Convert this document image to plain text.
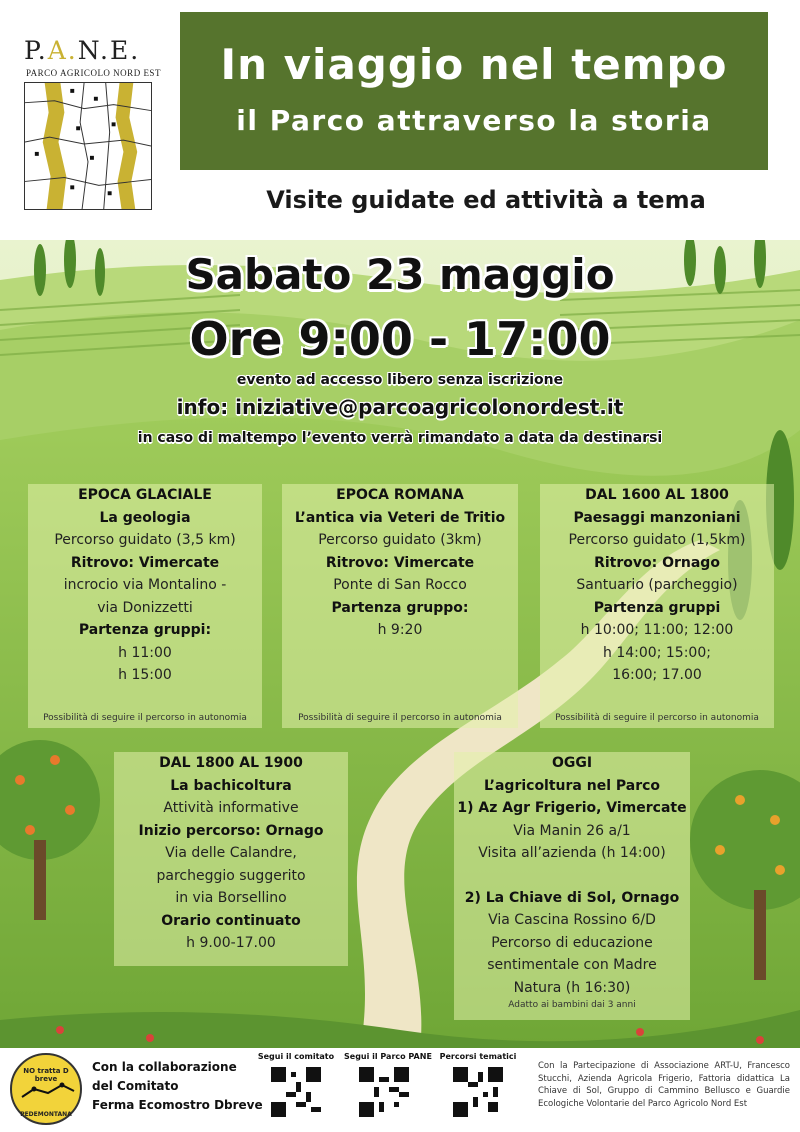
P.A.N.E.
PARCO AGRICOLO NORD EST	In viaggio nel tempo
il Parco attraverso la storia
Visite guidate ed attività a tema
Sabato 23 maggio
Ore 9:00 - 17:00
evento ad accesso libero senza iscrizione
info: iniziative@parcoagricolonordest.it
in caso di maltempo l’evento verrà rimandato a data da destinarsi
EPOCA GLACIALE
La geologia
Percorso guidato (3,5 km)
Ritrovo: Vimercate
incrocio via Montalino -
via Donizzetti
Partenza gruppi:
h 11:00
h 15:00
Possibilità di seguire il percorso in autonomia
EPOCA ROMANA
L’antica via Veteri de Tritio
Percorso guidato (3km)
Ritrovo: Vimercate
Ponte di San Rocco
Partenza gruppo:
h 9:20
Possibilità di seguire il percorso in autonomia
DAL 1600 AL 1800
Paesaggi manzoniani
Percorso guidato (1,5km)
Ritrovo: Ornago
Santuario (parcheggio)
Partenza gruppi
h 10:00; 11:00; 12:00
h 14:00; 15:00;
16:00; 17.00
Possibilità di seguire il percorso in autonomia
DAL 1800 AL 1900
La bachicoltura
Attività informative
Inizio percorso: Ornago
Via delle Calandre,
parcheggio suggerito
in via Borsellino
Orario continuato
h 9.00-17.00
OGGI
L’agricoltura nel Parco
1) Az Agr Frigerio, Vimercate
Via Manin 26 a/1
Visita all’azienda (h 14:00)
2) La Chiave di Sol, Ornago
Via Cascina Rossino 6/D
Percorso di educazione
sentimentale con Madre
Natura (h 16:30)
Adatto ai bambini dai 3 anni
NO tratta D breve
PEDEMONTANA
Con la collaborazione
del Comitato
Ferma Ecomostro Dbreve
Segui il comitato Segui il Parco PANE Percorsi tematici
Con la Partecipazione di Associazione ART-U, Francesco Stucchi, Azienda Agricola Frigerio, Fattoria didattica La Chiave di Sol, Gruppo di Cammino Bellusco e Guardie Ecologiche Volontarie del Parco Agricolo Nord Est
